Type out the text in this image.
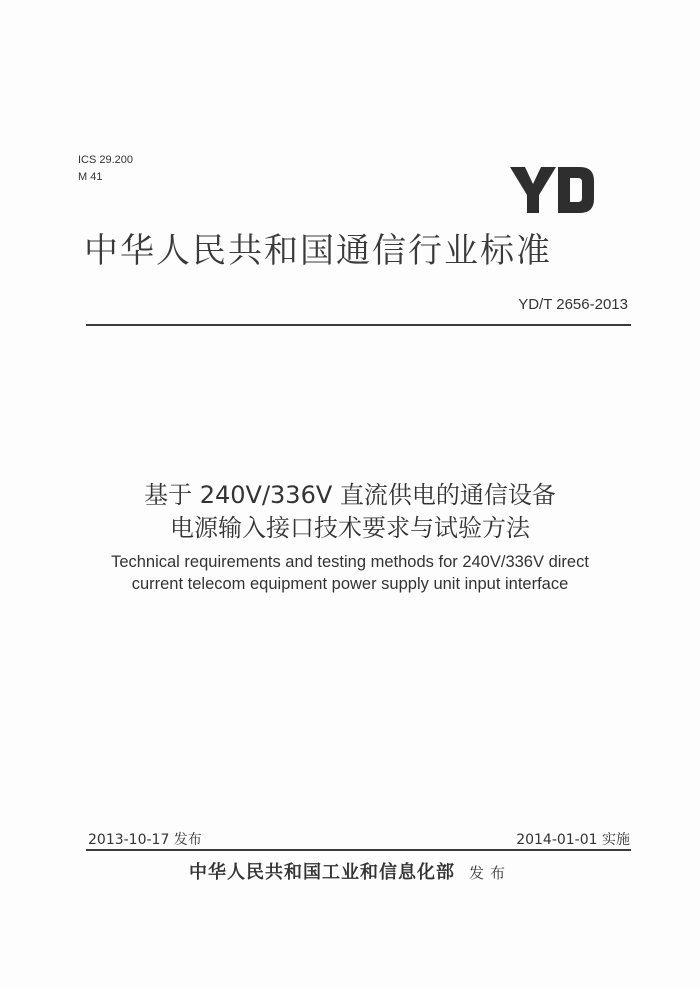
ICS 29.200
M 41
中华人民共和国通信行业标准
YD/T 2656-2013
基于 240V/336V 直流供电的通信设备
电源输入接口技术要求与试验方法
Technical requirements and testing methods for 240V/336V direct
current telecom equipment power supply unit input interface
2013-10-17 发布	2014-01-01 实施
中华人民共和国工业和信息化部 发布
